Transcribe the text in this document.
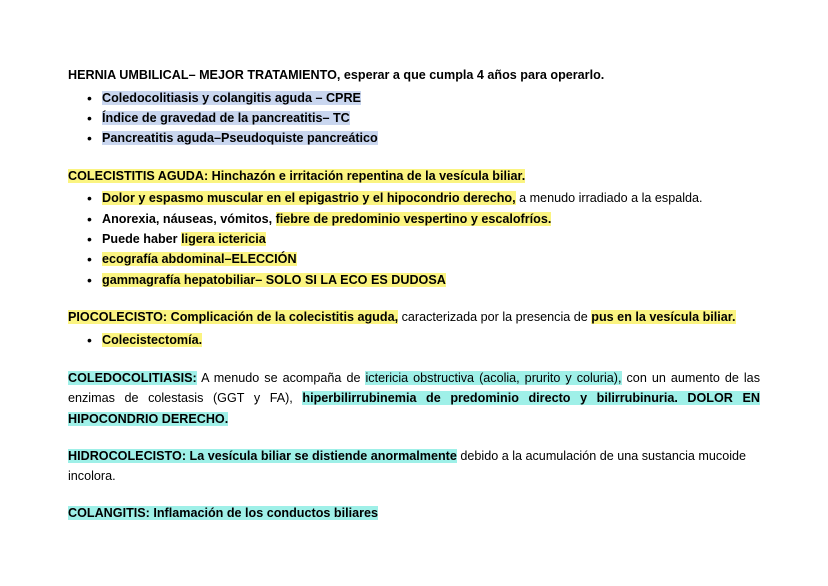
HERNIA UMBILICAL– MEJOR TRATAMIENTO, esperar a que cumpla 4 años para operarlo.

• Coledocolitiasis y colangitis aguda – CPRE
• Índice de gravedad de la pancreatitis– TC
• Pancreatitis aguda–Pseudoquiste pancreático

COLECISTITIS AGUDA: Hinchazón e irritación repentina de la vesícula biliar.

• Dolor y espasmo muscular en el epigastrio y el hipocondrio derecho, a menudo irradiado a la espalda.
• Anorexia, náuseas, vómitos, fiebre de predominio vespertino y escalofríos.
• Puede haber ligera ictericia
• ecografía abdominal–ELECCIÓN
• gammagrafía hepatobiliar– SOLO SI LA ECO ES DUDOSA

PIOCOLECISTO: Complicación de la colecistitis aguda, caracterizada por la presencia de pus en la vesícula biliar.

• Colecistectomía.

COLEDOCOLITIASIS: A menudo se acompaña de ictericia obstructiva (acolia, prurito y coluria), con un aumento de las enzimas de colestasis (GGT y FA), hiperbilirrubinemia de predominio directo y bilirrubinuria. DOLOR EN HIPOCONDRIO DERECHO.

HIDROCOLECISTO: La vesícula biliar se distiende anormalmente debido a la acumulación de una sustancia mucoide incolora.

COLANGITIS: Inflamación de los conductos biliares
